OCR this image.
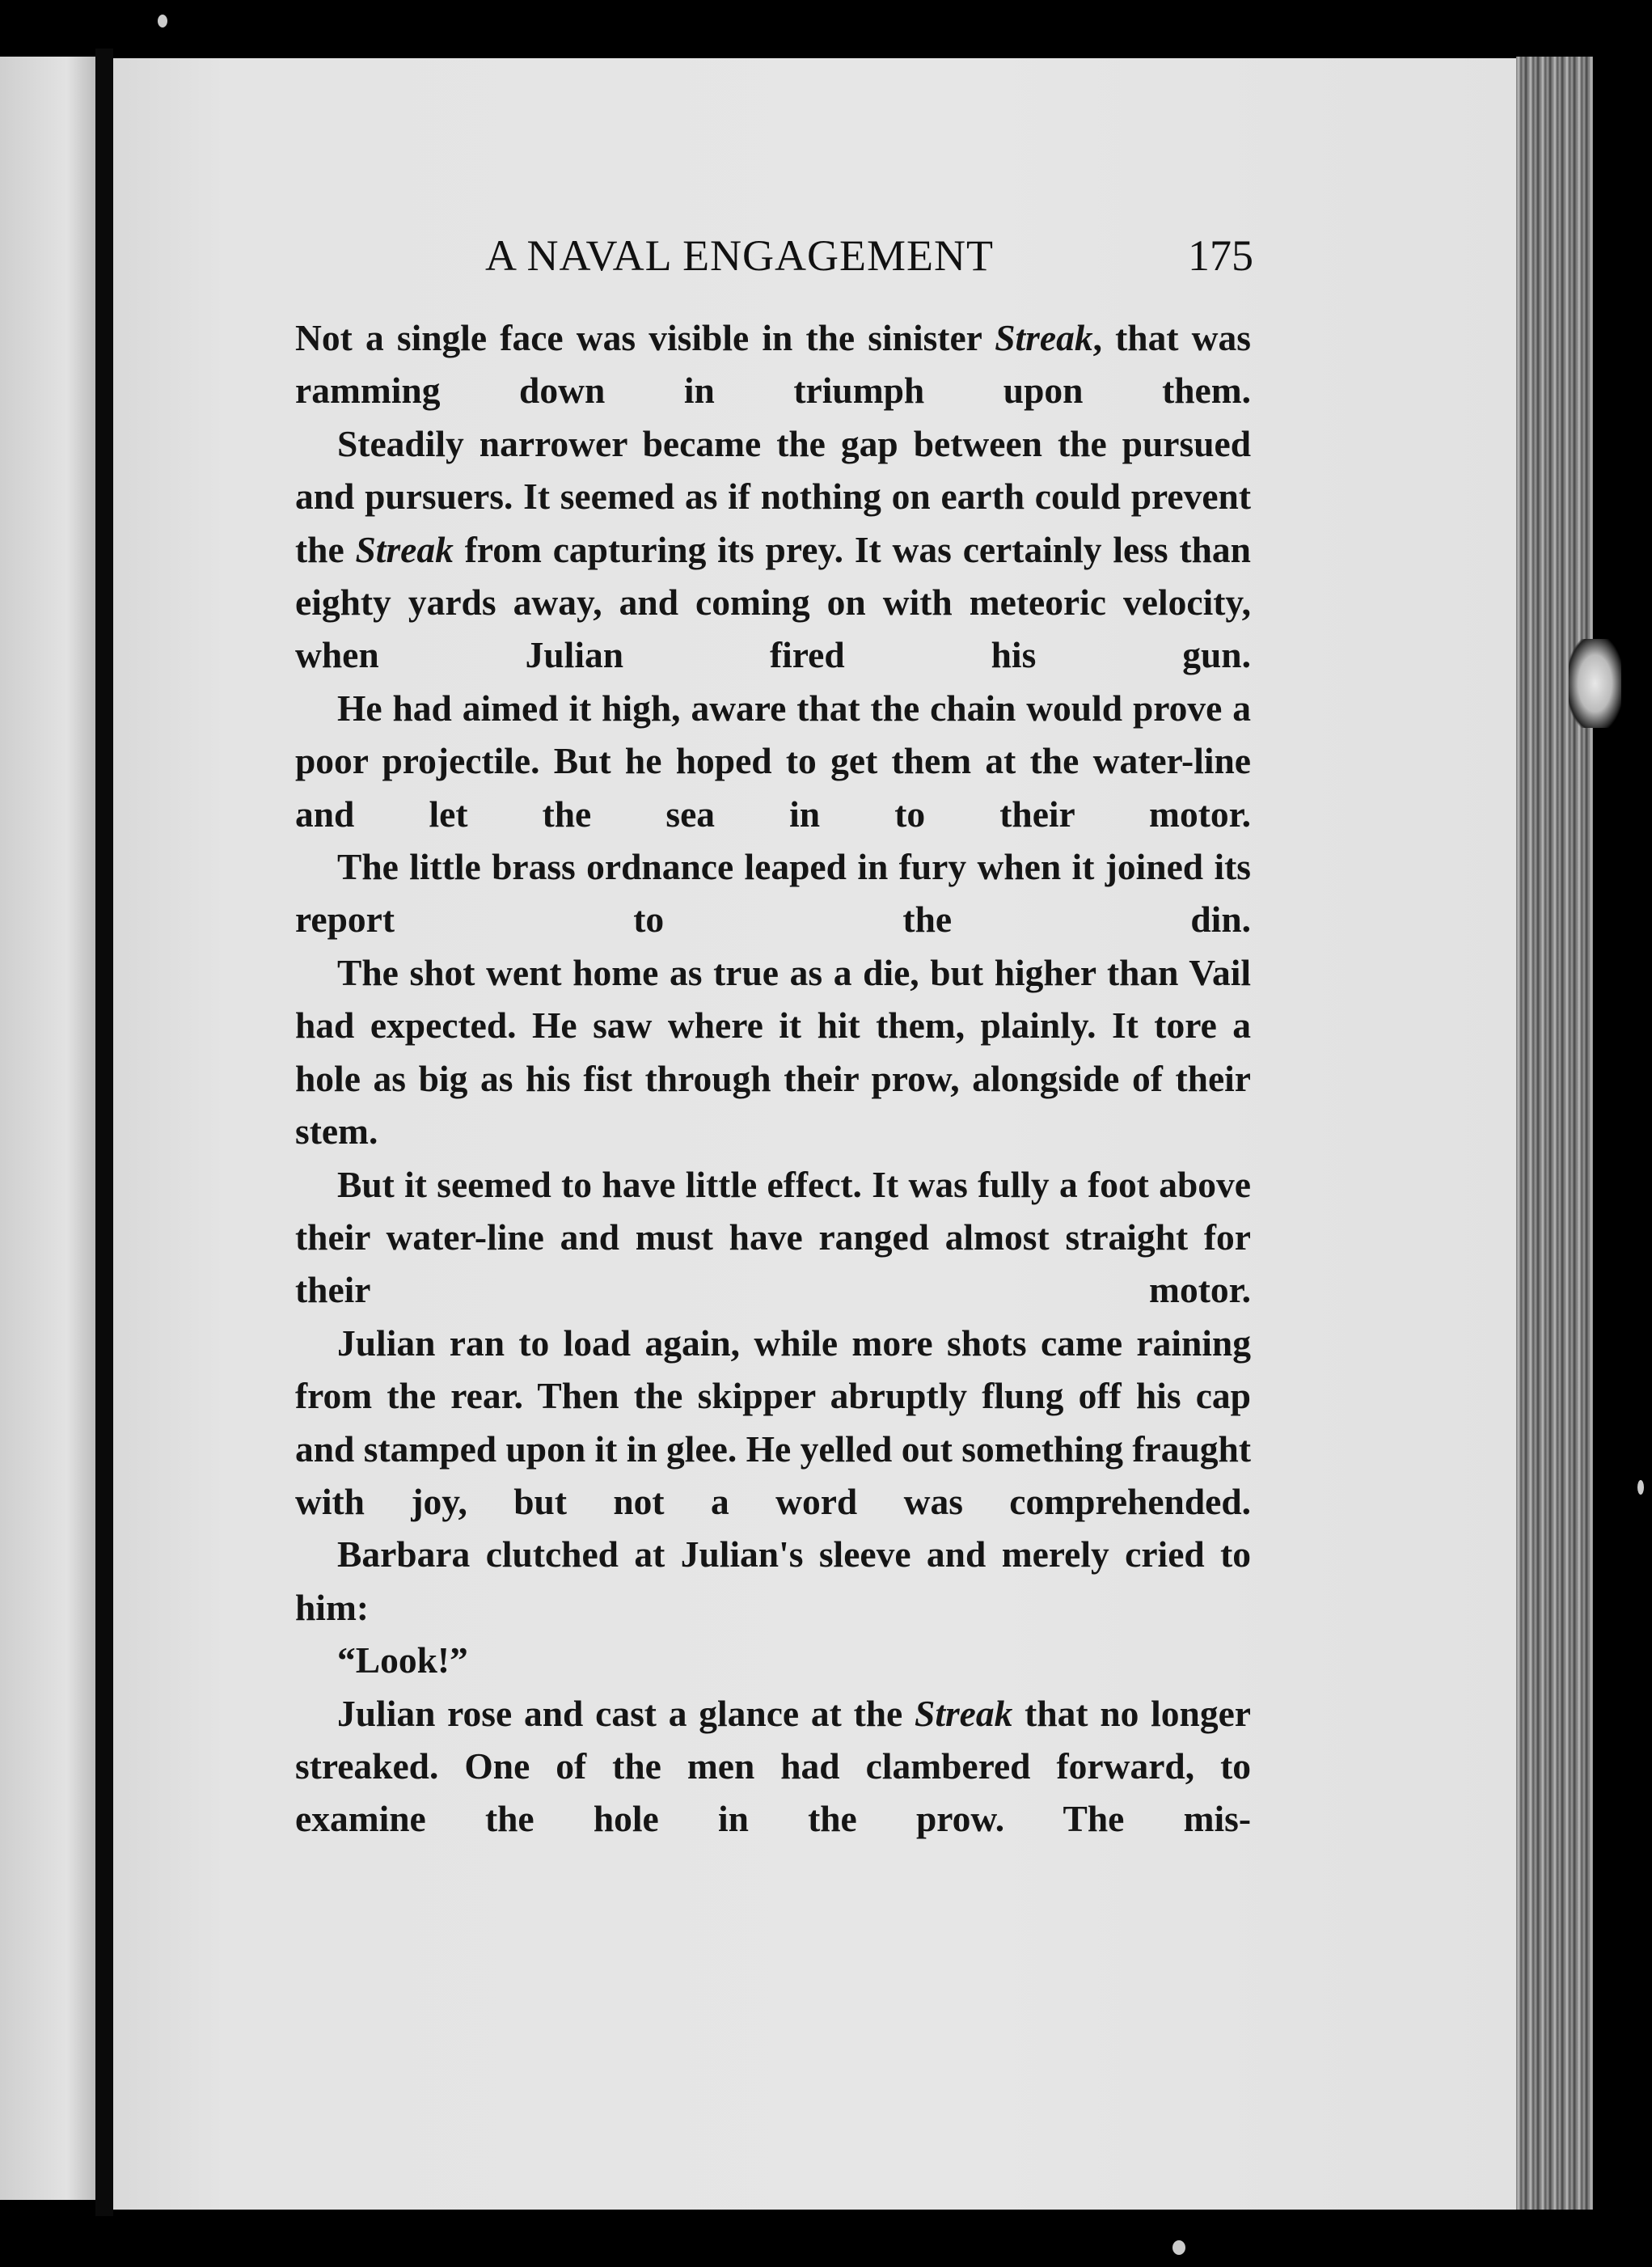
A NAVAL ENGAGEMENT	175

Not a single face was visible in the sinister Streak, that was ramming down in triumph upon them.

Steadily narrower became the gap between the pursued and pursuers. It seemed as if nothing on earth could prevent the Streak from capturing its prey. It was certainly less than eighty yards away, and coming on with meteoric velocity, when Julian fired his gun.

He had aimed it high, aware that the chain would prove a poor projectile. But he hoped to get them at the water-line and let the sea in to their motor.

The little brass ordnance leaped in fury when it joined its report to the din.

The shot went home as true as a die, but higher than Vail had expected. He saw where it hit them, plainly. It tore a hole as big as his fist through their prow, alongside of their stem.

But it seemed to have little effect. It was fully a foot above their water-line and must have ranged almost straight for their motor.

Julian ran to load again, while more shots came raining from the rear. Then the skipper abruptly flung off his cap and stamped upon it in glee. He yelled out something fraught with joy, but not a word was comprehended.

Barbara clutched at Julian's sleeve and merely cried to him:

“Look!”

Julian rose and cast a glance at the Streak that no longer streaked. One of the men had clambered forward, to examine the hole in the prow. The mis-
